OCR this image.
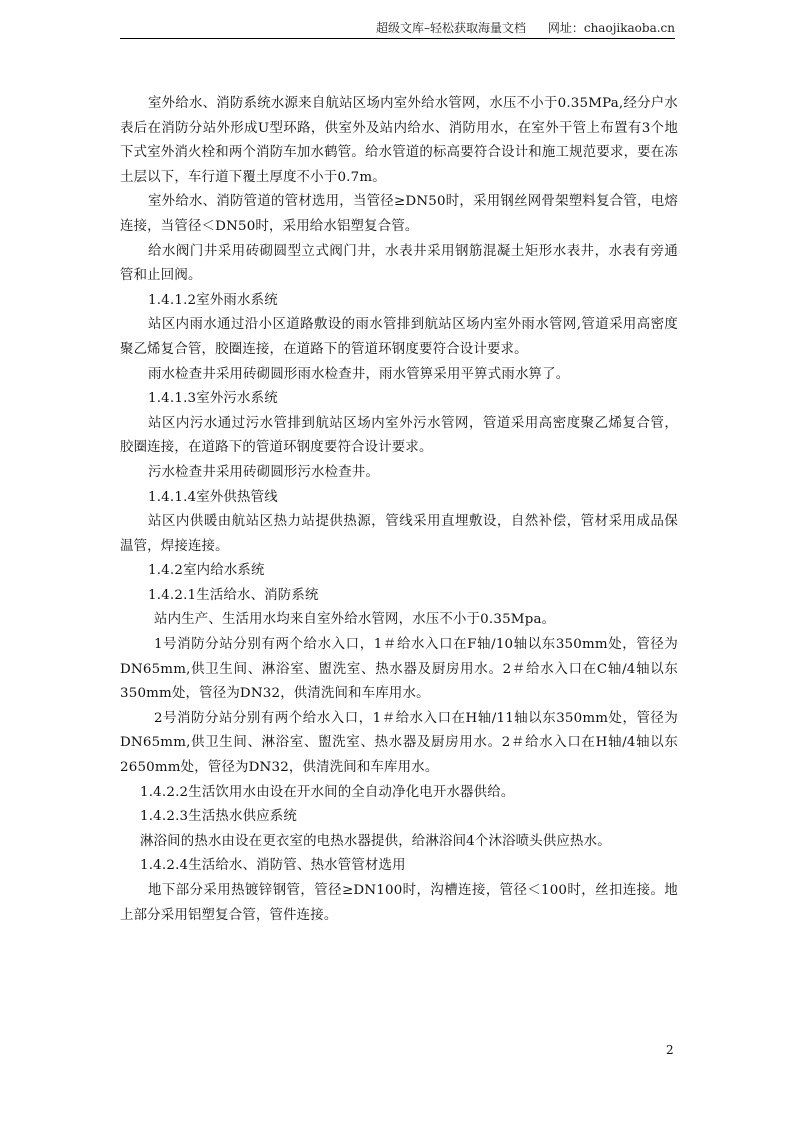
超级文库–轻松获取海量文档 网址：chaojikaoba.cn

室外给水、消防系统水源来自航站区场内室外给水管网，水压不小于0.35MPa,经分户水表后在消防分站外形成U型环路，供室外及站内给水、消防用水，在室外干管上布置有3个地下式室外消火栓和两个消防车加水鹤管。给水管道的标高要符合设计和施工规范要求，要在冻土层以下，车行道下覆土厚度不小于0.7m。

室外给水、消防管道的管材选用，当管径≥DN50时，采用钢丝网骨架塑料复合管，电熔连接，当管径＜DN50时，采用给水铝塑复合管。

给水阀门井采用砖砌圆型立式阀门井，水表井采用钢筋混凝土矩形水表井，水表有旁通管和止回阀。

1.4.1.2室外雨水系统

站区内雨水通过沿小区道路敷设的雨水管排到航站区场内室外雨水管网,管道采用高密度聚乙烯复合管，胶圈连接，在道路下的管道环钢度要符合设计要求。

雨水检查井采用砖砌圆形雨水检查井，雨水管箅采用平箅式雨水箅了。

1.4.1.3室外污水系统

站区内污水通过污水管排到航站区场内室外污水管网，管道采用高密度聚乙烯复合管，胶圈连接，在道路下的管道环钢度要符合设计要求。

污水检查井采用砖砌圆形污水检查井。

1.4.1.4室外供热管线

站区内供暖由航站区热力站提供热源，管线采用直埋敷设，自然补偿，管材采用成品保温管，焊接连接。

1.4.2室内给水系统

1.4.2.1生活给水、消防系统

站内生产、生活用水均来自室外给水管网，水压不小于0.35Mpa。

1号消防分站分别有两个给水入口，1＃给水入口在F轴/10轴以东350mm处，管径为DN65mm,供卫生间、淋浴室、盥洗室、热水器及厨房用水。2＃给水入口在C轴/4轴以东350mm处，管径为DN32，供清洗间和车库用水。

2号消防分站分别有两个给水入口，1＃给水入口在H轴/11轴以东350mm处，管径为DN65mm,供卫生间、淋浴室、盥洗室、热水器及厨房用水。2＃给水入口在H轴/4轴以东2650mm处，管径为DN32，供清洗间和车库用水。

1.4.2.2生活饮用水由设在开水间的全自动净化电开水器供给。

1.4.2.3生活热水供应系统

淋浴间的热水由设在更衣室的电热水器提供，给淋浴间4个沐浴喷头供应热水。

1.4.2.4生活给水、消防管、热水管管材选用

地下部分采用热镀锌钢管，管径≥DN100时，沟槽连接，管径＜100时，丝扣连接。地上部分采用铝塑复合管，管件连接。

2
